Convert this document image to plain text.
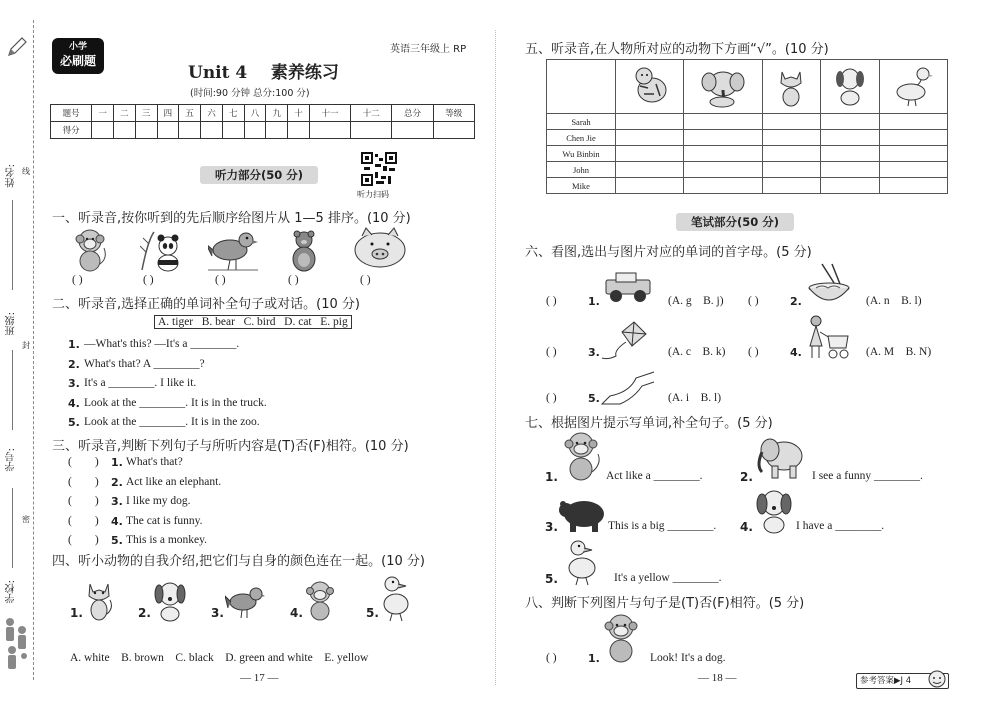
姓名: 线
班级:
封
学号:
密
学校:
小学
必刷题
英语三年级上 RP
Unit 4    素养练习
(时间:90 分钟 总分:100 分)
题号	一	二	三	四	五	六	七	八	九	十	十一	十二	总分	等级
得分														
听力部分(50 分)
听力扫码
一、听录音,按你听到的先后顺序给图片从 1—5 排序。(10 分)
( )	( )	( )	( )	( )
二、听录音,选择正确的单词补全句子或对话。(10 分)
A. tiger   B. bear   C. bird   D. cat   E. pig
1. —What's this? —It's a ________.
2. What's that? A ________?
3. It's a ________. I like it.
4. Look at the ________. It is in the truck.
5. Look at the ________. It is in the zoo.
三、听录音,判断下列句子与所听内容是(T)否(F)相符。(10 分)
(        ) 1. What's that?
(        ) 2. Act like an elephant.
(        ) 3. I like my dog.
(        ) 4. The cat is funny.
(        ) 5. This is a monkey.
四、听小动物的自我介绍,把它们与自身的颜色连在一起。(10 分)
1.	2.	3.	4.	5.
A. white    B. brown    C. black    D. green and white    E. yellow
— 17 —
五、听录音,在人物所对应的动物下方画“√”。(10 分)

Sarah					
Chen Jie					
Wu Binbin					
John					
Mike					
笔试部分(50 分)
六、看图,选出与图片对应的单词的首字母。(5 分)
( )	1.	(A. g    B. j) ( )	2.	(A. n    B. l)
( )	3.	(A. c    B. k) ( )	4.	(A. M    B. N)
( )	5.	(A. i    B. l)
七、根据图片提示写单词,补全句子。(5 分)
1.	Act like a ________.	2.	I see a funny ________.
3.	This is a big ________. 4.	I have a ________.
5.	It's a yellow ________.
八、判断下列图片与句子是(T)否(F)相符。(5 分)
( )	1.	Look! It's a dog.
— 18 —	参考答案▶J 4
